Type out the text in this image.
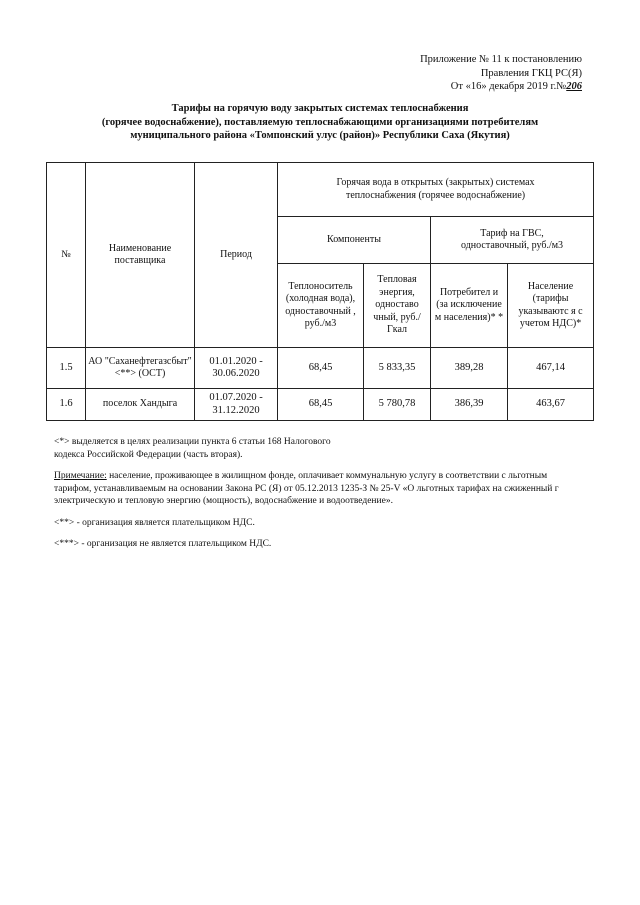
Приложение № 11 к постановлению
Правления ГКЦ РС(Я)
От «16» декабря 2019 г.№206
Тарифы на горячую воду закрытых системах теплоснабжения
(горячее водоснабжение), поставляемую теплоснабжающими организациями потребителям
муниципального района «Томпонский улус (район)» Республики Саха (Якутия)
№	Наименование поставщика	Период	Горячая вода в открытых (закрытых) системах теплоснабжения (горячее водоснабжение)			
			Компоненты		Тариф на ГВС, одноставочный, руб./м3	
			Теплоноситель (холодная вода), одноставочный , руб./м3	Тепловая энергия, одноставо чный, руб./Гкал	Потребител и (за исключение м населения)* *	Население (тарифы указываютс я с учетом НДС)*
1.5	АО "Саханефтегазсбыт" <**> (ОСТ)	01.01.2020 - 30.06.2020	68,45	5 833,35	389,28	467,14
1.6	поселок Хандыга	01.07.2020 - 31.12.2020	68,45	5 780,78	386,39	463,67

<*> выделяется в целях реализации пункта 6 статьи 168 Налогового

кодекса Российской Федерации (часть вторая).

Примечание: население, проживающее в жилищном фонде, оплачивает коммунальную услугу в соответствии с льготным

тарифом, устанавливаемым на основании Закона РС (Я) от 05.12.2013 1235-З № 25-V «О льготных тарифах на сжиженный г

электрическую и тепловую энергию (мощность), водоснабжение и водоотведение».

<**> - организация является плательщиком НДС.

<***> - организация не является плательщиком НДС.
